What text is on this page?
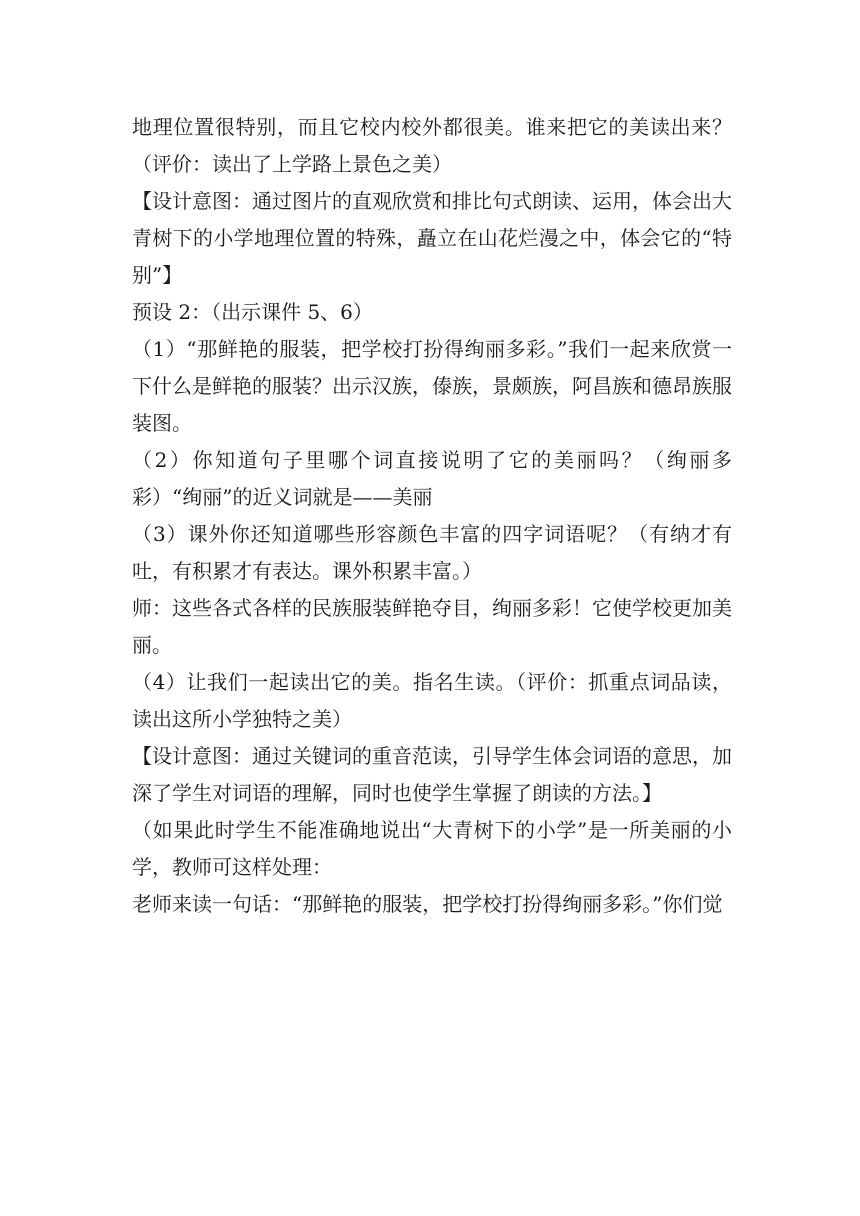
地理位置很特别，而且它校内校外都很美。谁来把它的美读出来？（评价：读出了上学路上景色之美）

【设计意图：通过图片的直观欣赏和排比句式朗读、运用，体会出大青树下的小学地理位置的特殊，矗立在山花烂漫之中，体会它的“特别”】

预设 2：（出示课件 5、6）

（1）“那鲜艳的服装，把学校打扮得绚丽多彩。”我们一起来欣赏一下什么是鲜艳的服装？出示汉族，傣族，景颇族，阿昌族和德昂族服装图。

（2）你知道句子里哪个词直接说明了它的美丽吗？（绚丽多彩）“绚丽”的近义词就是——美丽

（3）课外你还知道哪些形容颜色丰富的四字词语呢？（有纳才有吐，有积累才有表达。课外积累丰富。）

师：这些各式各样的民族服装鲜艳夺目，绚丽多彩！它使学校更加美丽。

（4）让我们一起读出它的美。指名生读。（评价：抓重点词品读，读出这所小学独特之美）

【设计意图：通过关键词的重音范读，引导学生体会词语的意思，加深了学生对词语的理解，同时也使学生掌握了朗读的方法。】

（如果此时学生不能准确地说出“大青树下的小学”是一所美丽的小学，教师可这样处理：

老师来读一句话：“那鲜艳的服装，把学校打扮得绚丽多彩。”你们觉
